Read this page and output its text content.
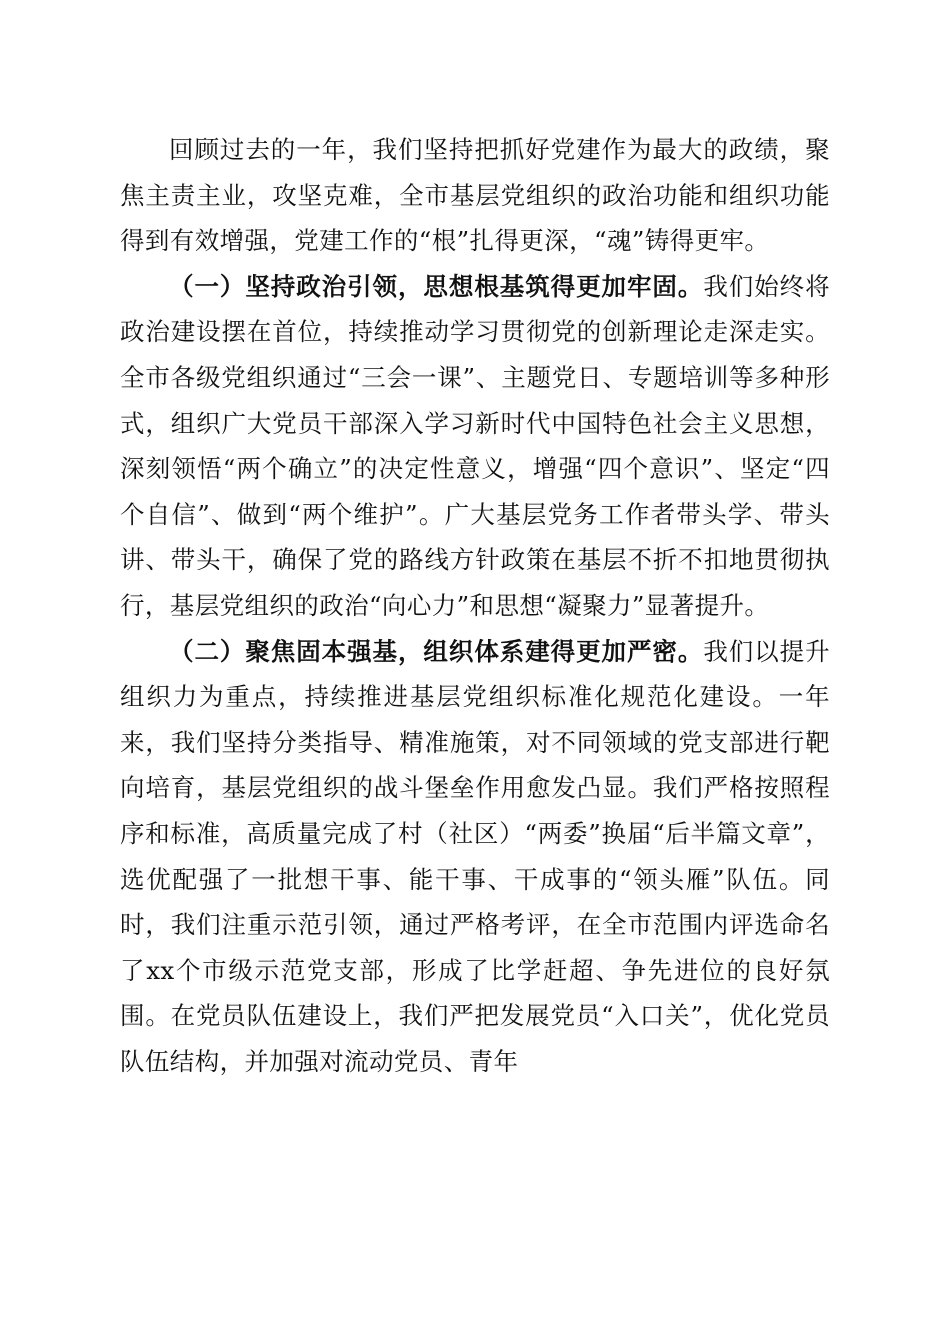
回顾过去的一年，我们坚持把抓好党建作为最大的政绩，聚焦主责主业，攻坚克难，全市基层党组织的政治功能和组织功能得到有效增强，党建工作的“根”扎得更深，“魂”铸得更牢。

（一）坚持政治引领，思想根基筑得更加牢固。我们始终将政治建设摆在首位，持续推动学习贯彻党的创新理论走深走实。全市各级党组织通过“三会一课”、主题党日、专题培训等多种形式，组织广大党员干部深入学习新时代中国特色社会主义思想，深刻领悟“两个确立”的决定性意义，增强“四个意识”、坚定“四个自信”、做到“两个维护”。广大基层党务工作者带头学、带头讲、带头干，确保了党的路线方针政策在基层不折不扣地贯彻执行，基层党组织的政治“向心力”和思想“凝聚力”显著提升。

（二）聚焦固本强基，组织体系建得更加严密。我们以提升组织力为重点，持续推进基层党组织标准化规范化建设。一年来，我们坚持分类指导、精准施策，对不同领域的党支部进行靶向培育，基层党组织的战斗堡垒作用愈发凸显。我们严格按照程序和标准，高质量完成了村（社区）“两委”换届“后半篇文章”，选优配强了一批想干事、能干事、干成事的“领头雁”队伍。同时，我们注重示范引领，通过严格考评，在全市范围内评选命名了xx个市级示范党支部，形成了比学赶超、争先进位的良好氛围。在党员队伍建设上，我们严把发展党员“入口关”，优化党员队伍结构，并加强对流动党员、青年
